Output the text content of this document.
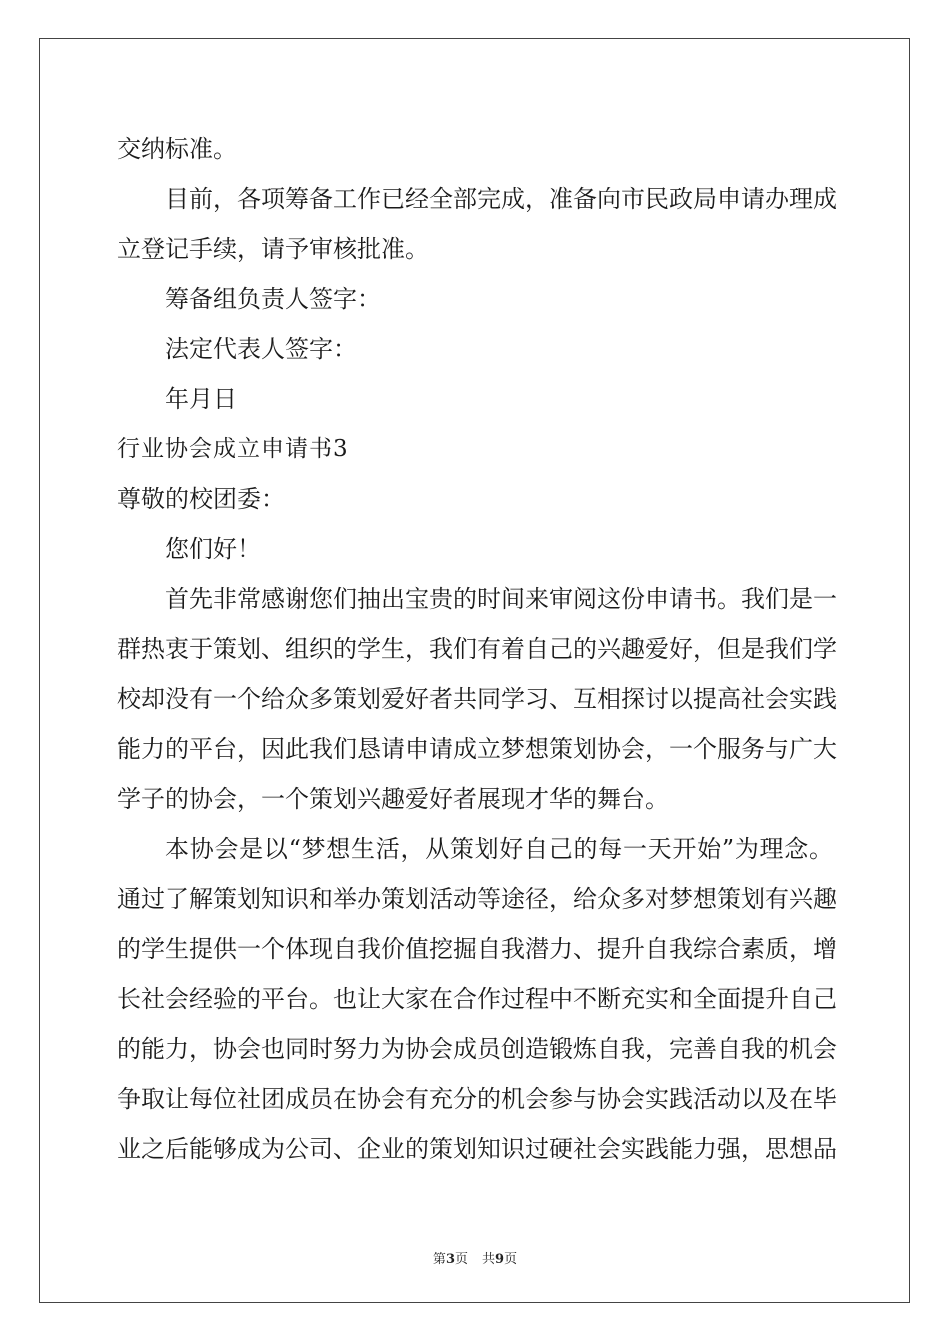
交纳标准。
目前，各项筹备工作已经全部完成，准备向市民政局申请办理成
立登记手续，请予审核批准。
筹备组负责人签字：
法定代表人签字：
年月日
行业协会成立申请书3
尊敬的校团委：
您们好！
首先非常感谢您们抽出宝贵的时间来审阅这份申请书。我们是一
群热衷于策划、组织的学生，我们有着自己的兴趣爱好，但是我们学
校却没有一个给众多策划爱好者共同学习、互相探讨以提高社会实践
能力的平台，因此我们恳请申请成立梦想策划协会，一个服务与广大
学子的协会，一个策划兴趣爱好者展现才华的舞台。
本协会是以“梦想生活，从策划好自己的每一天开始”为理念。
通过了解策划知识和举办策划活动等途径，给众多对梦想策划有兴趣
的学生提供一个体现自我价值挖掘自我潜力、提升自我综合素质，增
长社会经验的平台。也让大家在合作过程中不断充实和全面提升自己
的能力，协会也同时努力为协会成员创造锻炼自我，完善自我的机会
争取让每位社团成员在协会有充分的机会参与协会实践活动以及在毕
业之后能够成为公司、企业的策划知识过硬社会实践能力强，思想品
第3页 共9页
